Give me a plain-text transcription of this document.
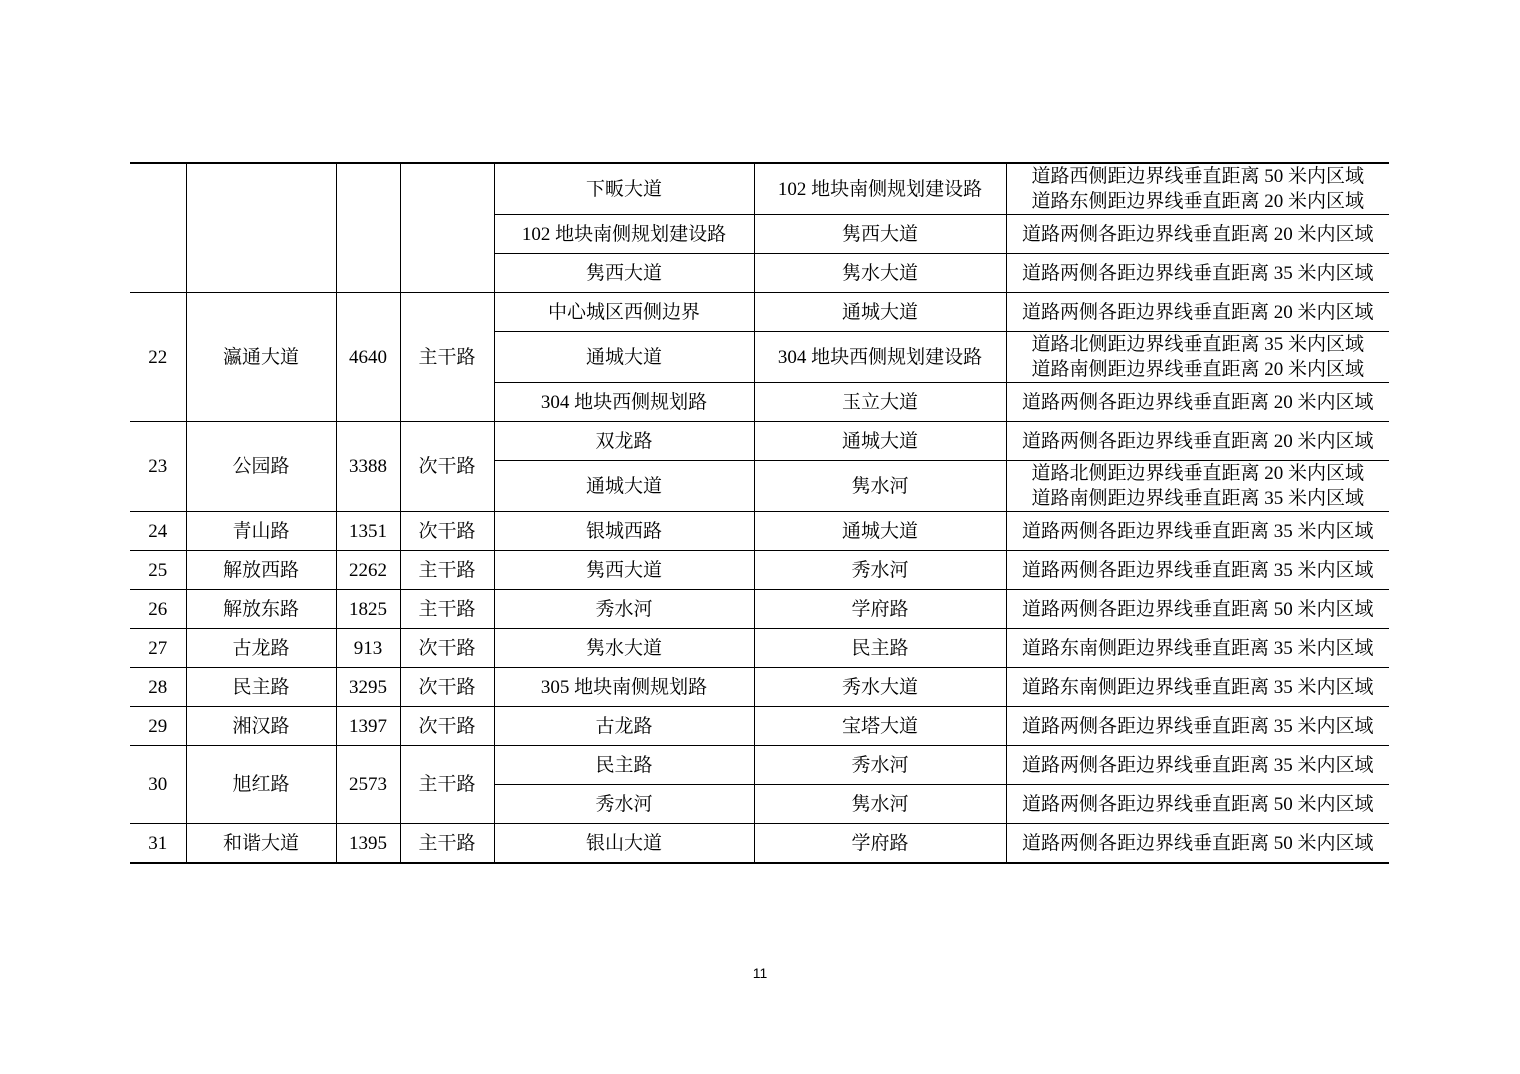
				下畈大道	102 地块南侧规划建设路	道路西侧距边界线垂直距离 50 米内区域
道路东侧距边界线垂直距离 20 米内区域

				102 地块南侧规划建设路	隽西大道	道路两侧各距边界线垂直距离 20 米内区域
				隽西大道	隽水大道	道路两侧各距边界线垂直距离 35 米内区域
22	瀛通大道	4640	主干路	中心城区西侧边界	通城大道	道路两侧各距边界线垂直距离 20 米内区域
				通城大道	304 地块西侧规划建设路	道路北侧距边界线垂直距离 35 米内区域
道路南侧距边界线垂直距离 20 米内区域

				304 地块西侧规划路	玉立大道	道路两侧各距边界线垂直距离 20 米内区域
23	公园路	3388	次干路	双龙路	通城大道	道路两侧各距边界线垂直距离 20 米内区域
				通城大道	隽水河	道路北侧距边界线垂直距离 20 米内区域
道路南侧距边界线垂直距离 35 米内区域

24	青山路	1351	次干路	银城西路	通城大道	道路两侧各距边界线垂直距离 35 米内区域
25	解放西路	2262	主干路	隽西大道	秀水河	道路两侧各距边界线垂直距离 35 米内区域
26	解放东路	1825	主干路	秀水河	学府路	道路两侧各距边界线垂直距离 50 米内区域
27	古龙路	913	次干路	隽水大道	民主路	道路东南侧距边界线垂直距离 35 米内区域
28	民主路	3295	次干路	305 地块南侧规划路	秀水大道	道路东南侧距边界线垂直距离 35 米内区域
29	湘汉路	1397	次干路	古龙路	宝塔大道	道路两侧各距边界线垂直距离 35 米内区域
30	旭红路	2573	主干路	民主路	秀水河	道路两侧各距边界线垂直距离 35 米内区域
				秀水河	隽水河	道路两侧各距边界线垂直距离 50 米内区域
31	和谐大道	1395	主干路	银山大道	学府路	道路两侧各距边界线垂直距离 50 米内区域
11
